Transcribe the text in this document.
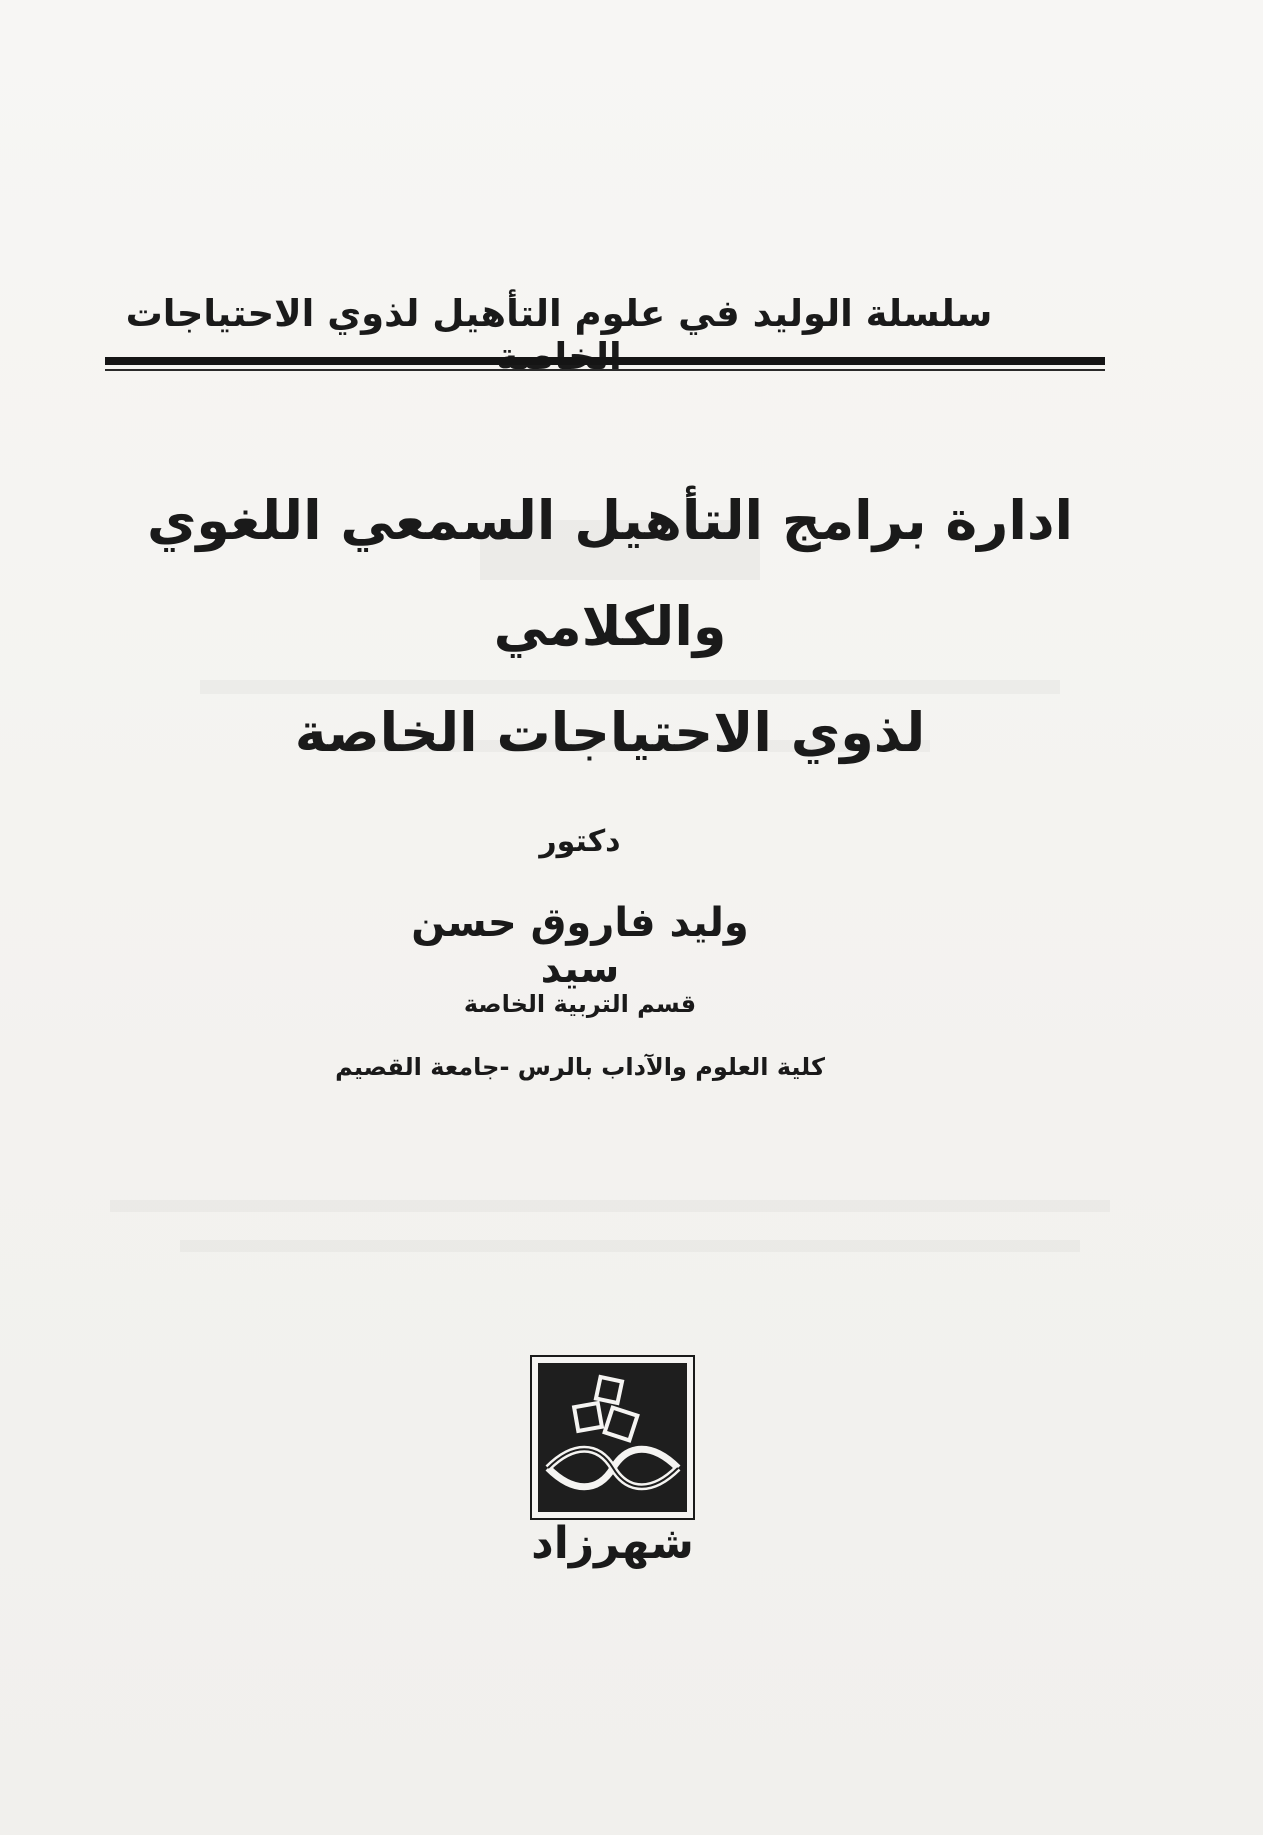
سلسلة الوليد في علوم التأهيل لذوي الاحتياجات
ادارة برامج التأهيل السمعي اللغوي والكلامي
لذوي الاحتياجات الخاصة
دكتور
وليد فاروق حسن سيد
قسم التربية الخاصة
كلية العلوم والآداب بالرس -جامعة القصيم
شهرزاد
